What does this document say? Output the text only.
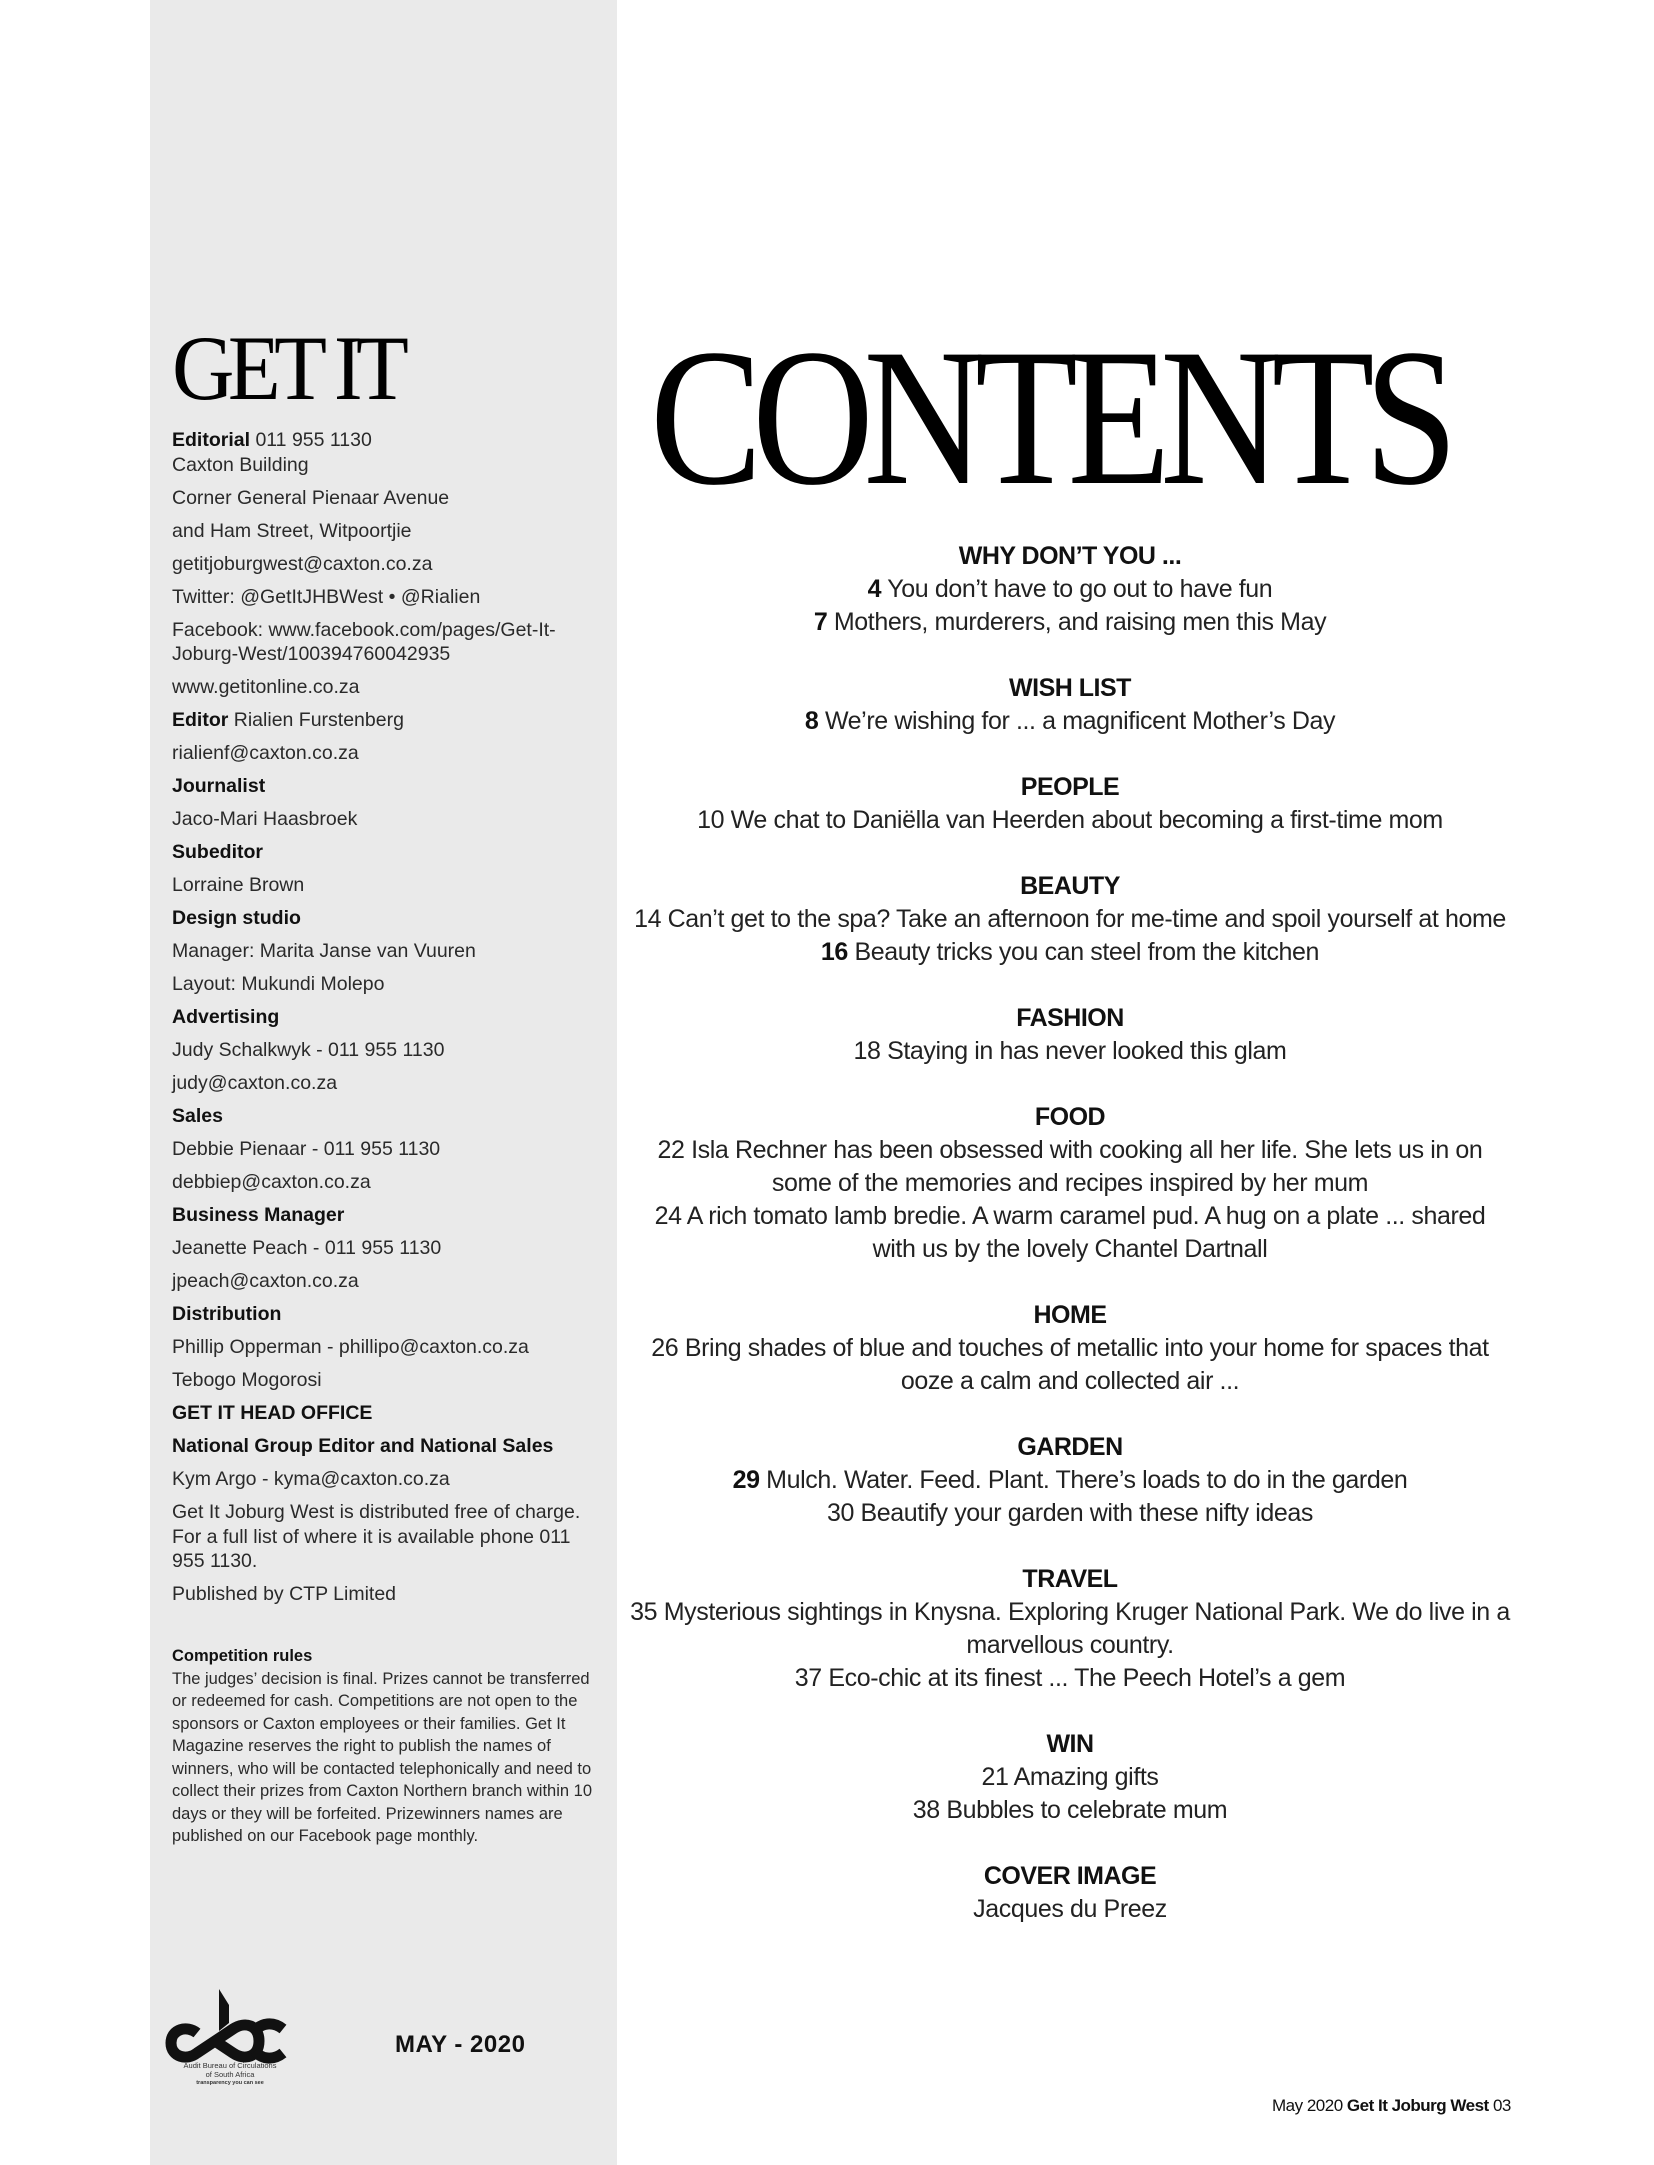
GET IT
Editorial 011 955 1130
Caxton Building
Corner General Pienaar Avenue
and Ham Street, Witpoortjie
getitjoburgwest@caxton.co.za
Twitter: @GetItJHBWest • @Rialien
Facebook: www.facebook.com/pages/Get-It-Joburg-West/100394760042935
www.getitonline.co.za
Editor Rialien Furstenberg
rialienf@caxton.co.za
Journalist
Jaco-Mari Haasbroek
Subeditor
Lorraine Brown
Design studio
Manager: Marita Janse van Vuuren
Layout: Mukundi Molepo
Advertising
Judy Schalkwyk - 011 955 1130
judy@caxton.co.za
Sales
Debbie Pienaar - 011 955 1130
debbiep@caxton.co.za
Business Manager
Jeanette Peach - 011 955 1130
jpeach@caxton.co.za
Distribution
Phillip Opperman - phillipo@caxton.co.za
Tebogo Mogorosi
GET IT HEAD OFFICE
National Group Editor and National Sales
Kym Argo - kyma@caxton.co.za
Get It Joburg West is distributed free of charge. For a full list of where it is available phone 011 955 1130.
Published by CTP Limited
Competition rules
The judges’ decision is final. Prizes cannot be transferred or redeemed for cash. Competitions are not open to the sponsors or Caxton employees or their families. Get It Magazine reserves the right to publish the names of winners, who will be contacted telephonically and need to collect their prizes from Caxton Northern branch within 10 days or they will be forfeited. Prizewinners names are published on our Facebook page monthly.
Audit Bureau of Circulations
of South Africa
transparency you can see
MAY - 2020
CONTENTS
WHY DON’T YOU ...
4 You don’t have to go out to have fun
7 Mothers, murderers, and raising men this May
WISH LIST
8 We’re wishing for ... a magnificent Mother’s Day
PEOPLE
10 We chat to Daniëlla van Heerden about becoming a first-time mom
BEAUTY
14 Can’t get to the spa? Take an afternoon for me-time and spoil yourself at home
16 Beauty tricks you can steel from the kitchen
FASHION
18 Staying in has never looked this glam
FOOD
22 Isla Rechner has been obsessed with cooking all her life. She lets us in on some of the memories and recipes inspired by her mum
24 A rich tomato lamb bredie. A warm caramel pud. A hug on a plate ... shared with us by the lovely Chantel Dartnall
HOME
26 Bring shades of blue and touches of metallic into your home for spaces that ooze a calm and collected air ...
GARDEN
29 Mulch. Water. Feed. Plant. There’s loads to do in the garden
30 Beautify your garden with these nifty ideas
TRAVEL
35 Mysterious sightings in Knysna. Exploring Kruger National Park. We do live in a marvellous country.
37 Eco-chic at its finest ... The Peech Hotel’s a gem
WIN
21 Amazing gifts
38 Bubbles to celebrate mum
COVER IMAGE
Jacques du Preez
May 2020 Get It Joburg West 03
